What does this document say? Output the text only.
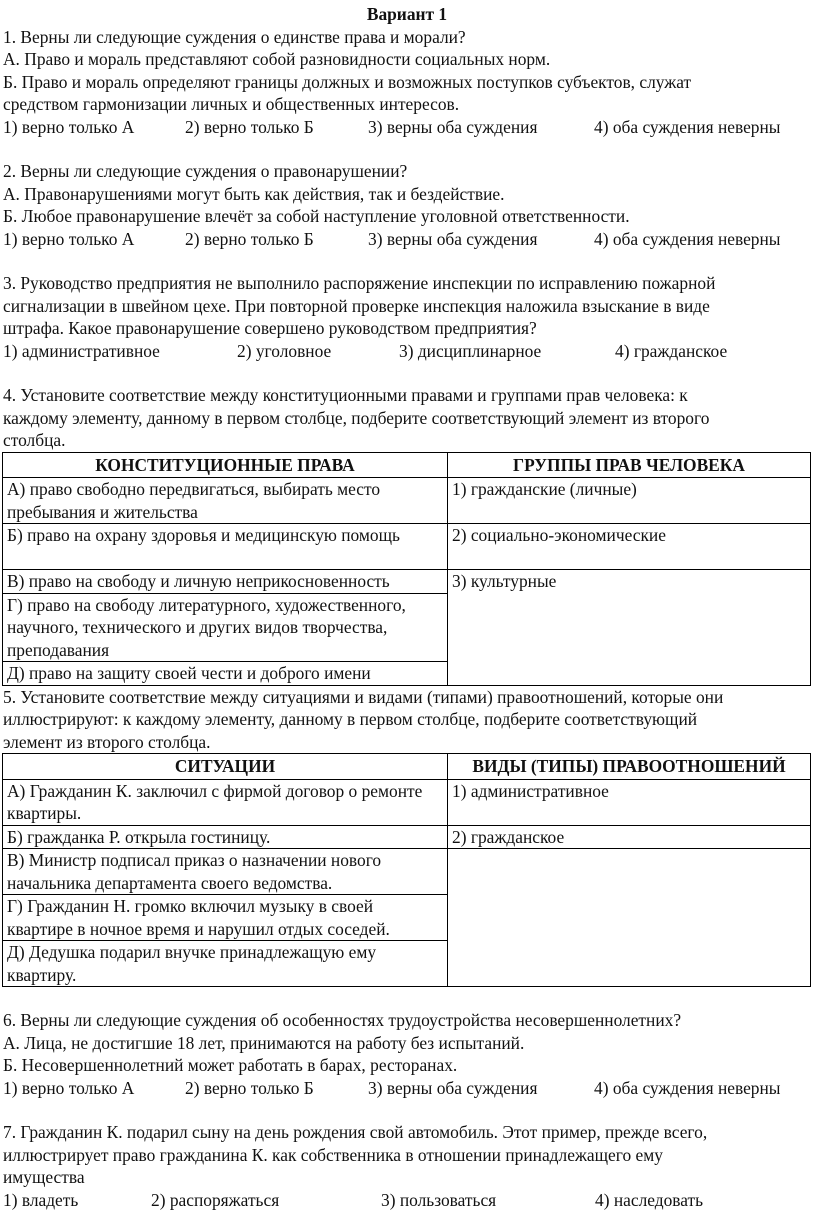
Вариант 1
1. Верны ли следующие суждения о единстве права и морали?
А. Право и мораль представляют собой разновидности социальных норм.
Б. Право и мораль определяют границы должных и возможных поступков субъектов, служат
средством гармонизации личных и общественных интересов.
1) верно только А	2) верно только Б	3) верны оба суждения	4) оба суждения неверны
2. Верны ли следующие суждения о правонарушении?
А. Правонарушениями могут быть как действия, так и бездействие.
Б. Любое правонарушение влечёт за собой наступление уголовной ответственности.
1) верно только А	2) верно только Б	3) верны оба суждения	4) оба суждения неверны
3. Руководство предприятия не выполнило распоряжение инспекции по исправлению пожарной
сигнализации в швейном цехе. При повторной проверке инспекция наложила взыскание в виде
штрафа. Какое правонарушение совершено руководством предприятия?
1) административное	2) уголовное	3) дисциплинарное	4) гражданское
4. Установите соответствие между конституционными правами и группами прав человека: к
каждому элементу, данному в первом столбце, подберите соответствующий элемент из второго
столбца.
КОНСТИТУЦИОННЫЕ ПРАВА	ГРУППЫ ПРАВ ЧЕЛОВЕКА
А) право свободно передвигаться, выбирать место пребывания и жительства	1) гражданские (личные)
Б) право на охрану здоровья и медицинскую помощь	2) социально-экономические
В) право на свободу и личную неприкосновенность	3) культурные
Г) право на свободу литературного, художественного, научного, технического и других видов творчества, преподавания	
Д) право на защиту своей чести и доброго имени	
5. Установите соответствие между ситуациями и видами (типами) правоотношений, которые они
иллюстрируют: к каждому элементу, данному в первом столбце, подберите соответствующий
элемент из второго столбца.
СИТУАЦИИ	ВИДЫ (ТИПЫ) ПРАВООТНОШЕНИЙ
А) Гражданин К. заключил с фирмой договор о ремонте квартиры.	1) административное
Б) гражданка Р. открыла гостиницу.	2) гражданское
В) Министр подписал приказ о назначении нового начальника департамента своего ведомства.	
Г) Гражданин Н. громко включил музыку в своей квартире в ночное время и нарушил отдых соседей.	
Д) Дедушка подарил внучке принадлежащую ему квартиру.	
6. Верны ли следующие суждения об особенностях трудоустройства несовершеннолетних?
А. Лица, не достигшие 18 лет, принимаются на работу без испытаний.
Б. Несовершеннолетний может работать в барах, ресторанах.
1) верно только А	2) верно только Б	3) верны оба суждения	4) оба суждения неверны
7. Гражданин К. подарил сыну на день рождения свой автомобиль. Этот пример, прежде всего,
иллюстрирует право гражданина К. как собственника в отношении принадлежащего ему
имущества
1) владеть	2) распоряжаться	3) пользоваться	4) наследовать
